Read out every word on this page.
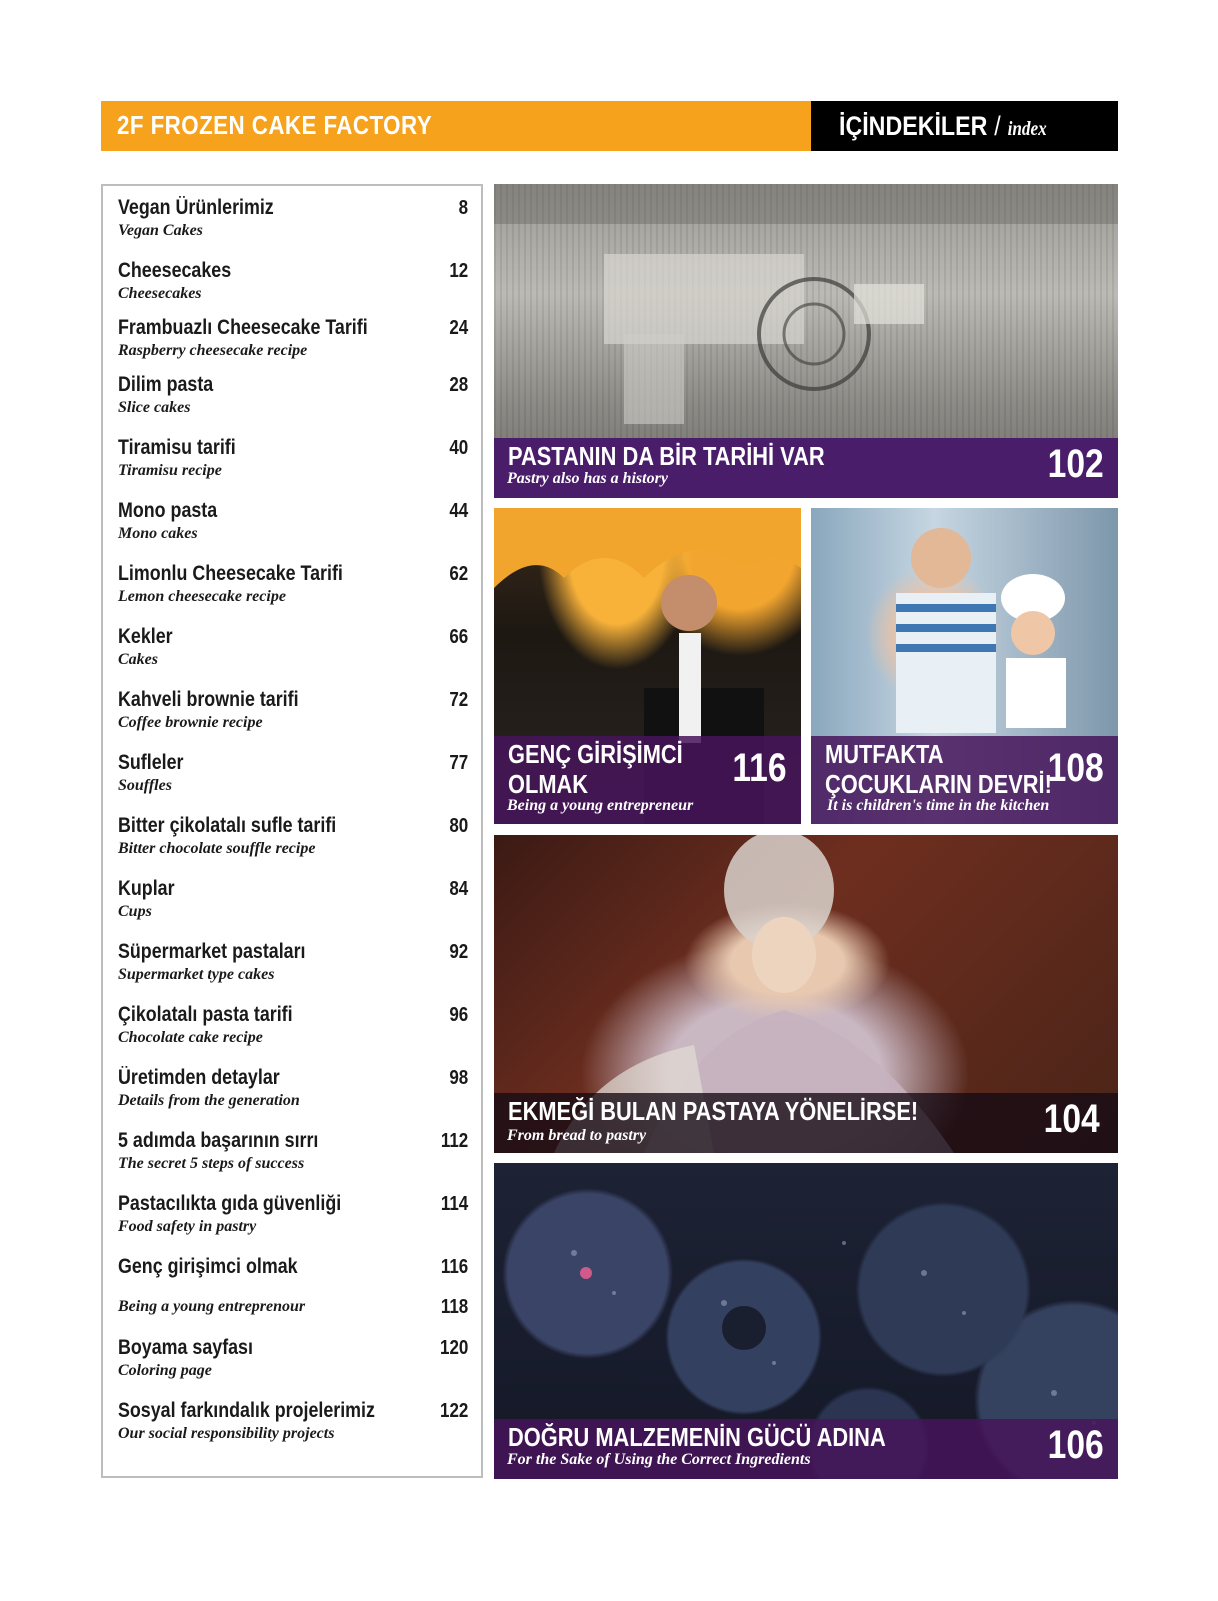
2F FROZEN CAKE FACTORY	İÇİNDEKİLER / index
Vegan Ürünlerimiz
Vegan Cakes
8
Cheesecakes
Cheesecakes
12
Frambuazlı Cheesecake Tarifi
Raspberry cheesecake recipe
24
Dilim pasta
Slice cakes
28
Tiramisu tarifi
Tiramisu recipe
40
Mono pasta
Mono cakes
44
Limonlu Cheesecake Tarifi
Lemon cheesecake recipe
62
Kekler
Cakes
66
Kahveli brownie tarifi
Coffee brownie recipe
72
Sufleler
Souffles
77
Bitter çikolatalı sufle tarifi
Bitter chocolate souffle recipe
80
Kuplar
Cups
84
Süpermarket pastaları
Supermarket type cakes
92
Çikolatalı pasta tarifi
Chocolate cake recipe
96
Üretimden detaylar
Details from the generation
98
5 adımda başarının sırrı
The secret 5 steps of success
112
Pastacılıkta gıda güvenliği
Food safety in pastry
114
Genç girişimci olmak	116
Being a young entreprenour	118
Boyama sayfası
Coloring page
120
Sosyal farkındalık projelerimiz
Our social responsibility projects
122
PASTANIN DA BİR TARİHİ VAR
Pastry also has a history	102
GENÇ GİRİŞİMCİ
OLMAK
Being a young entrepreneur
116 MUTFAKTA
ÇOCUKLARIN DEVRİ!
It is children's time in the kitchen
108
EKMEĞİ BULAN PASTAYA YÖNELİRSE!
From bread to pastry	104
DOĞRU MALZEMENİN GÜCÜ ADINA
For the Sake of Using the Correct Ingredients	106
